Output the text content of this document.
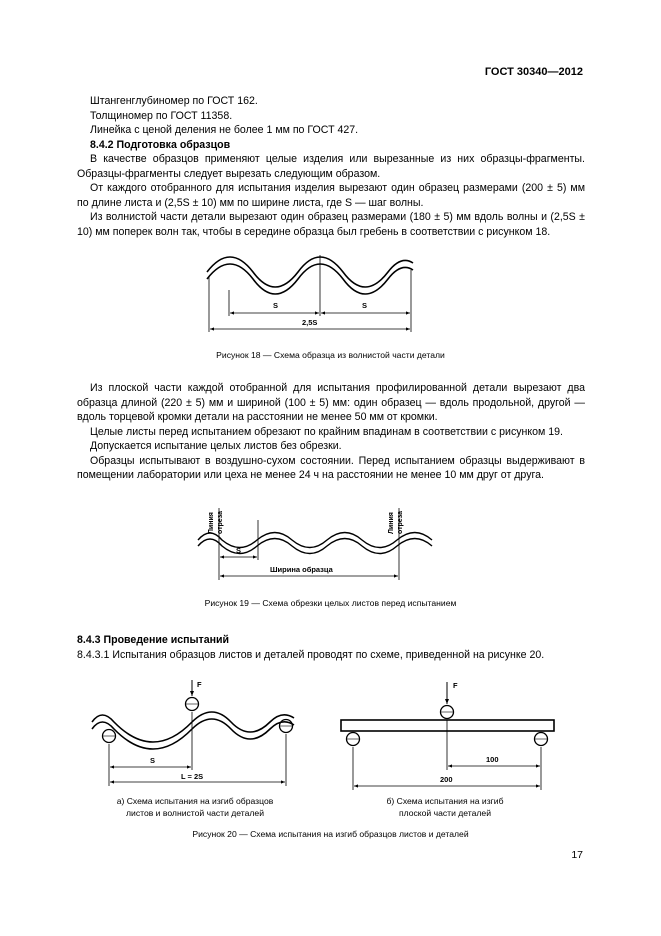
ГОСТ 30340—2012

Штангенглубиномер по ГОСТ 162.

Толщиномер по ГОСТ 11358.

Линейка с ценой деления не более 1 мм по ГОСТ 427.

8.4.2 Подготовка образцов

В качестве образцов применяют целые изделия или вырезанные из них образцы-фрагменты. Образцы-фрагменты следует вырезать следующим образом.

От каждого отобранного для испытания изделия вырезают один образец размерами (200 ± 5) мм по длине листа и (2,5S ± 10) мм по ширине листа, где S — шаг волны.

Из волнистой части детали вырезают один образец размерами (180 ± 5) мм вдоль волны и (2,5S ± 10) мм поперек волн так, чтобы в середине образца был гребень в соответствии с рисунком 18.

S	S
2,5S
Линия отреза	Линия отреза
S
Ширина образца
F
S
L = 2S
F
100
200
Рисунок 18 — Схема образца из волнистой части детали

Из плоской части каждой отобранной для испытания профилированной детали вырезают два образца длиной (220 ± 5) мм и шириной (100 ± 5) мм: один образец — вдоль продольной, другой — вдоль торцевой кромки детали на расстоянии не менее 50 мм от кромки.

Целые листы перед испытанием обрезают по крайним впадинам в соответствии с рисунком 19.

Допускается испытание целых листов без обрезки.

Образцы испытывают в воздушно-сухом состоянии. Перед испытанием образцы выдерживают в помещении лаборатории или цеха не менее 24 ч на расстоянии не менее 10 мм друг от друга.

Рисунок 19 — Схема обрезки целых листов перед испытанием

8.4.3 Проведение испытаний

8.4.3.1 Испытания образцов листов и деталей проводят по схеме, приведенной на рисунке 20.

а) Схема испытания на изгиб образцов
листов и волнистой части деталей
б) Схема испытания на изгиб
плоской части деталей
Рисунок 20 — Схема испытания на изгиб образцов листов и деталей
17
